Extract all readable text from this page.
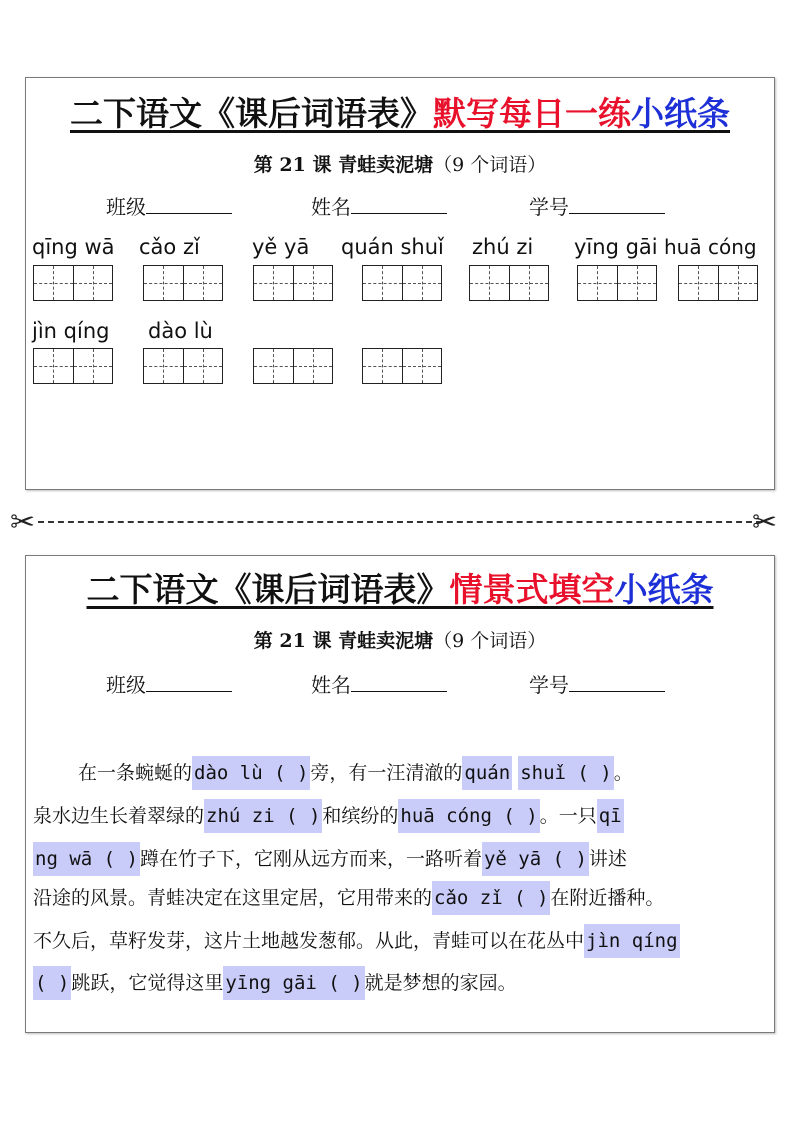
二下语文《课后词语表》默写每日一练小纸条
第 21 课 青蛙卖泥塘（9 个词语）
班级	姓名	学号
qīng wā cǎo zǐ yě yā quán shuǐ zhú zi yīng gāi huā cóng
jìn qíng dào lù
✂	✂
二下语文《课后词语表》情景式填空小纸条
第 21 课 青蛙卖泥塘（9 个词语）
班级	姓名	学号
在一条蜿蜒的 dào lù ( ) 旁，有一汪清澈的 quán shuǐ ( ) 。
泉水边生长着翠绿的 zhú zi ( ) 和缤纷的 huā cóng ( ) 。一只 qī
ng wā ( ) 蹲在竹子下，它刚从远方而来，一路听着 yě yā ( ) 讲述
沿途的风景。青蛙决定在这里定居，它用带来的 cǎo zǐ ( ) 在附近播种。
不久后，草籽发芽，这片土地越发葱郁。从此，青蛙可以在花丛中 jìn qíng
( ) 跳跃，它觉得这里 yīng gāi ( ) 就是梦想的家园。
